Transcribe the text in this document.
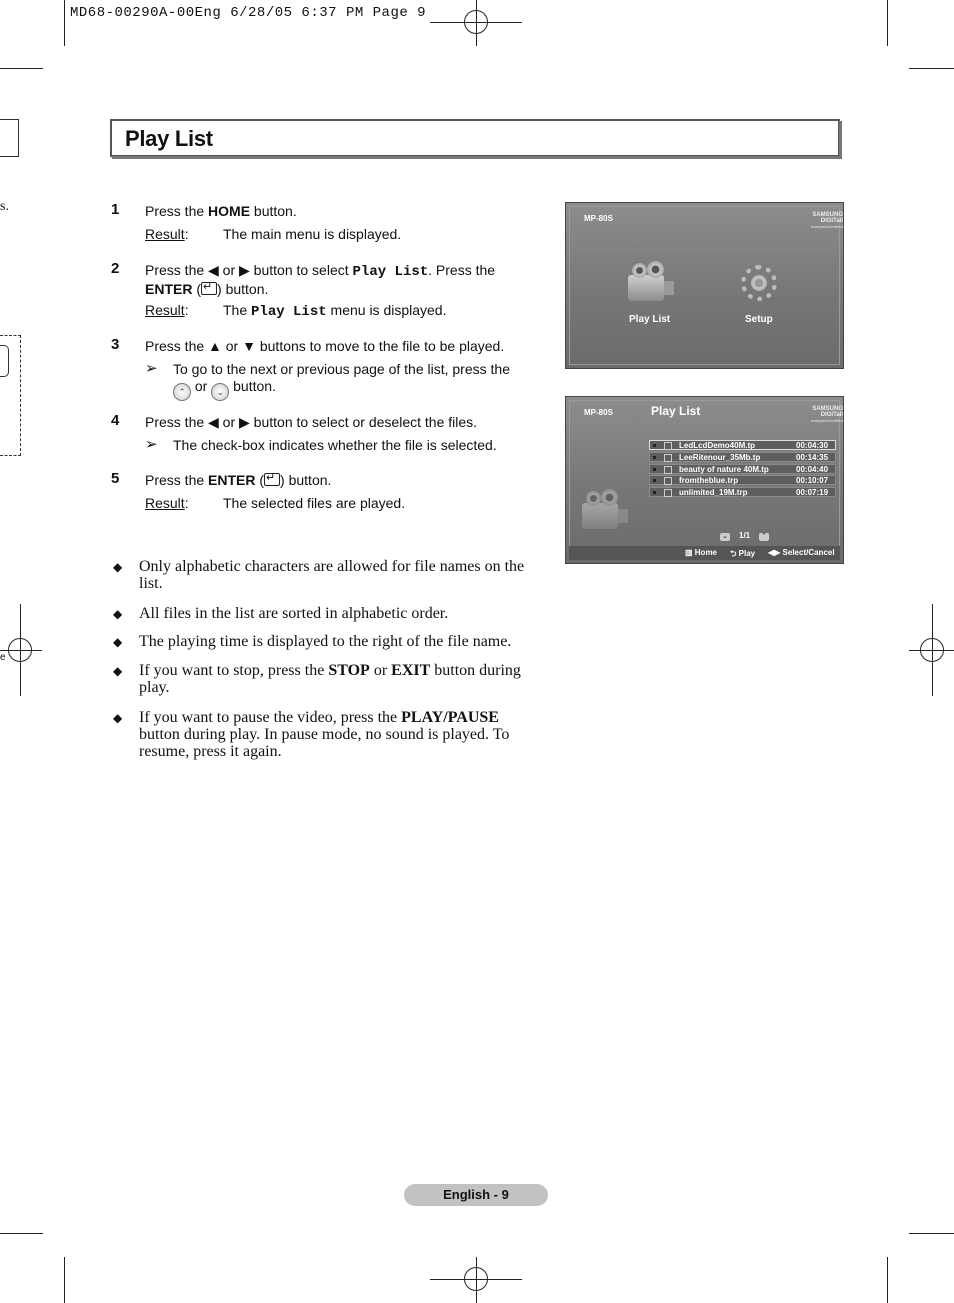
MD68-00290A-00Eng 6/28/05 6:37 PM Page 9
s.
e
Play List
1 Press the HOME button.
Result: The main menu is displayed.
2 Press the ◀ or ▶ button to select Play List. Press the
ENTER ( ↵ ) button.
Result: The Play List menu is displayed.
3 Press the ▲ or ▼ buttons to move to the file to be played.
➢ To go to the next or previous page of the list, press the
⌃ or ⌄ button.
4 Press the ◀ or ▶ button to select or deselect the files.
➢ The check-box indicates whether the file is selected.
5 Press the ENTER ( ↵ ) button.
Result: The selected files are played.
◆ Only alphabetic characters are allowed for file names on the list.
◆ All files in the list are sorted in alphabetic order.
◆ The playing time is displayed to the right of the file name.
◆ If you want to stop, press the STOP or EXIT button during play.
◆ If you want to pause the video, press the PLAY/PAUSE button during play. In pause mode, no sound is played. To resume, press it again.
MP-80S	SAMSUNG DIGITall
everyone's invited
Play List	Setup
MP-80S	Play List	SAMSUNG DIGITall
everyone's invited
⌄ 1/1 ⌃
▥ Home ⮌ Play ◀▶ Select/Cancel
LedLcdDemo40M.tp	00:04:30
LeeRitenour_35Mb.tp	00:14:35
beauty of nature 40M.tp	00:04:40
fromtheblue.trp	00:10:07
unlimited_19M.trp	00:07:19
English - 9
